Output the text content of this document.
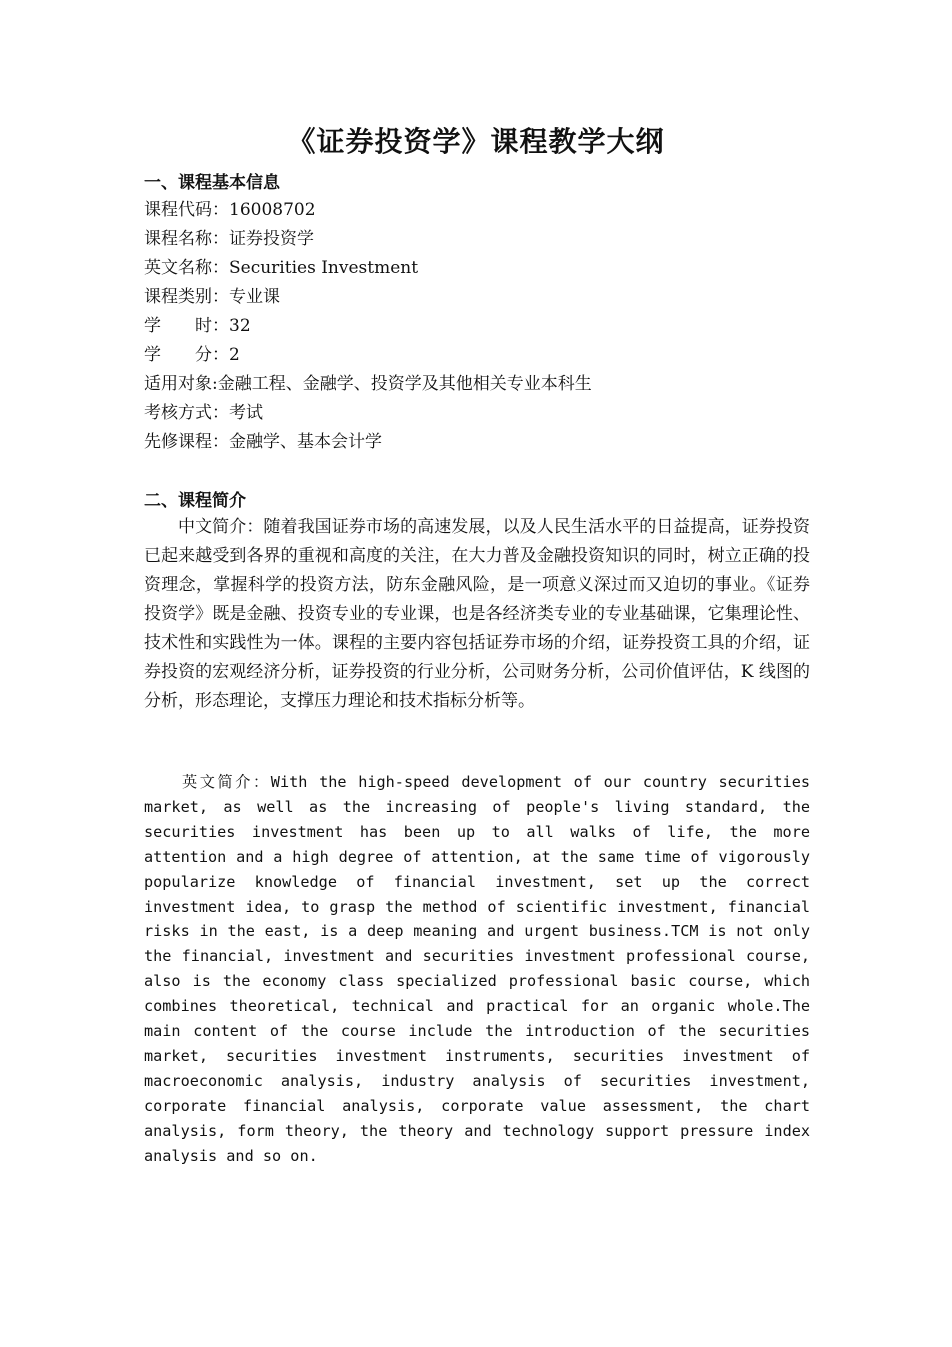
《证券投资学》课程教学大纲
一、课程基本信息
课程代码：16008702
课程名称：证券投资学
英文名称：Securities Investment
课程类别：专业课
学　　时：32
学　　分：2
适用对象:金融工程、金融学、投资学及其他相关专业本科生
考核方式：考试
先修课程：金融学、基本会计学
二、课程简介

中文简介：随着我国证券市场的高速发展，以及人民生活水平的日益提高，证券投资已起来越受到各界的重视和高度的关注，在大力普及金融投资知识的同时，树立正确的投资理念，掌握科学的投资方法，防东金融风险，是一项意义深过而又迫切的事业。《证券投资学》既是金融、投资专业的专业课，也是各经济类专业的专业基础课，它集理论性、技术性和实践性为一体。课程的主要内容包括证券市场的介绍，证券投资工具的介绍，证券投资的宏观经济分析，证券投资的行业分析，公司财务分析，公司价值评估，K 线图的分析，形态理论，支撑压力理论和技术指标分析等。

英文简介：With the high-speed development of our country securities market, as well as the increasing of people's living standard, the securities investment has been up to all walks of life, the more attention and a high degree of attention, at the same time of vigorously popularize knowledge of financial investment, set up the correct investment idea, to grasp the method of scientific investment, financial risks in the east, is a deep meaning and urgent business.TCM is not only the financial, investment and securities investment professional course, also is the economy class specialized professional basic course, which combines theoretical, technical and practical for an organic whole.The main content of the course include the introduction of the securities market, securities investment instruments, securities investment of macroeconomic analysis, industry analysis of securities investment, corporate financial analysis, corporate value assessment, the chart analysis, form theory, the theory and technology support pressure index analysis and so on.
